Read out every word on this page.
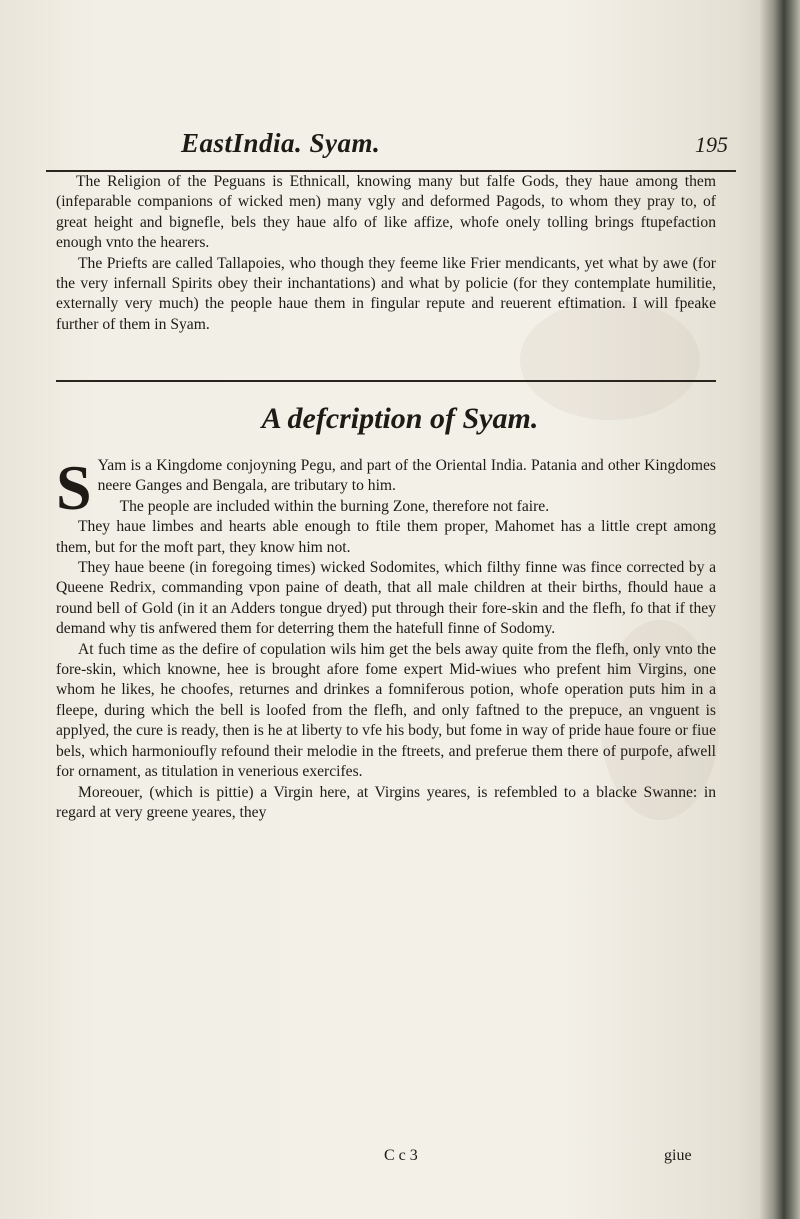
EastIndia. Syam.	195

The Religion of the Peguans is Ethnicall, knowing many but falfe Gods, they haue among them (infeparable companions of wicked men) many vgly and deformed Pagods, to whom they pray to, of great height and bignefle, bels they haue alfo of like affize, whofe onely tolling brings ftupefaction enough vnto the hearers.

The Priefts are called Tallapoies, who though they feeme like Frier mendicants, yet what by awe (for the very infernall Spirits obey their inchantations) and what by policie (for they contemplate humilitie, externally very much) the people haue them in fingular repute and reuerent eftimation. I will fpeake further of them in Syam.

A defcription of Syam.

S Yam is a Kingdome conjoyning Pegu, and part of the Oriental India. Patania and other Kingdomes neere Ganges and Bengala, are tributary to him.

The people are included within the burning Zone, therefore not faire.

They haue limbes and hearts able enough to ftile them proper, Mahomet has a little crept among them, but for the moft part, they know him not.

They haue beene (in foregoing times) wicked Sodomites, which filthy finne was fince corrected by a Queene Redrix, commanding vpon paine of death, that all male children at their births, fhould haue a round bell of Gold (in it an Adders tongue dryed) put through their fore-skin and the flefh, fo that if they demand why tis anfwered them for deterring them the hatefull finne of Sodomy.

At fuch time as the defire of copulation wils him get the bels away quite from the flefh, only vnto the fore-skin, which knowne, hee is brought afore fome expert Mid-wiues who prefent him Virgins, one whom he likes, he choofes, returnes and drinkes a fomniferous potion, whofe operation puts him in a fleepe, during which the bell is loofed from the flefh, and only faftned to the prepuce, an vnguent is applyed, the cure is ready, then is he at liberty to vfe his body, but fome in way of pride haue foure or fiue bels, which harmonioufly refound their melodie in the ftreets, and preferue them there of purpofe, afwell for ornament, as titulation in venerious exercifes.

Moreouer, (which is pittie) a Virgin here, at Virgins yeares, is refembled to a blacke Swanne: in regard at very greene yeares, they

C c 3	giue
